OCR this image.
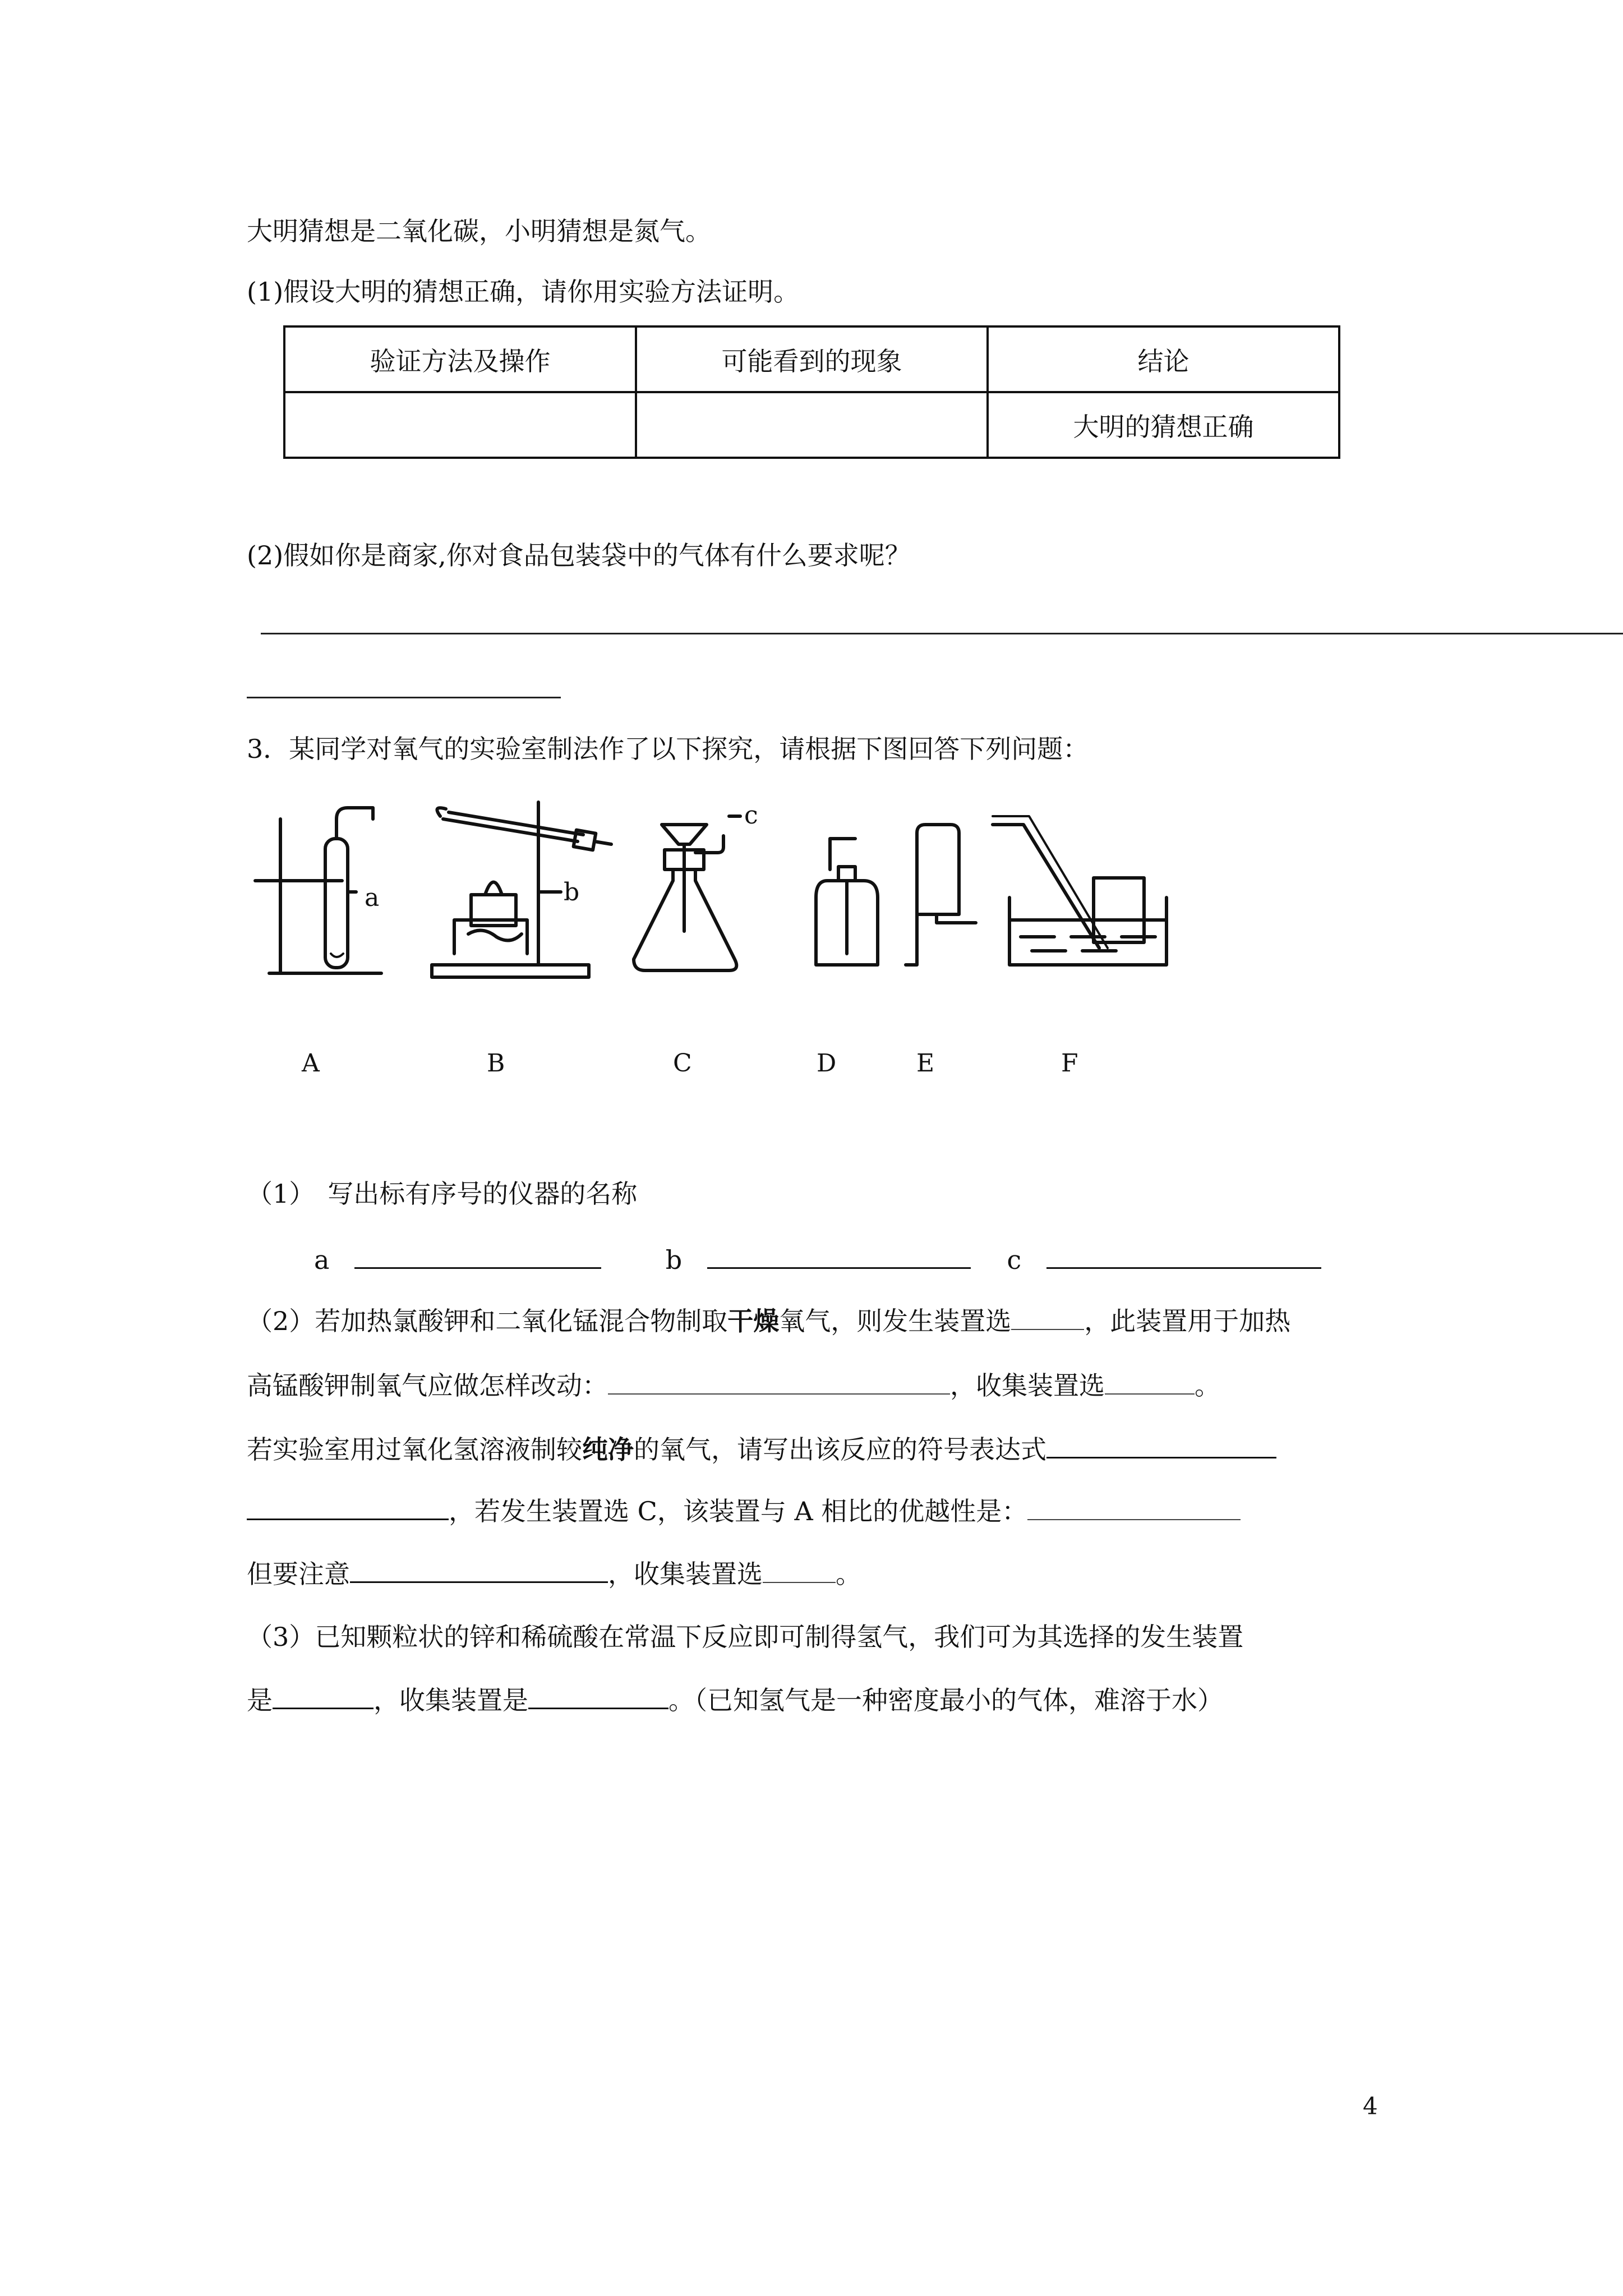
大明猜想是二氧化碳，小明猜想是氮气。
(1)假设大明的猜想正确，请你用实验方法证明。
验证方法及操作	可能看到的现象	结论
		大明的猜想正确
(2)假如你是商家,你对食品包装袋中的气体有什么要求呢？
3．某同学对氧气的实验室制法作了以下探究，请根据下图回答下列问题：
a	b
c
A	B	C	D	E	F
（1）　写出标有序号的仪器的名称
a	b	c
（2）若加热氯酸钾和二氧化锰混合物制取干燥氧气，则发生装置选	，此装置用于加热
高锰酸钾制氧气应做怎样改动：	，收集装置选	。
若实验室用过氧化氢溶液制较纯净的氧气，请写出该反应的符号表达式
，若发生装置选 C，该装置与 A 相比的优越性是：
但要注意	，收集装置选	。
（3）已知颗粒状的锌和稀硫酸在常温下反应即可制得氢气，我们可为其选择的发生装置
是	，收集装置是	。（已知氢气是一种密度最小的气体，难溶于水）
4
